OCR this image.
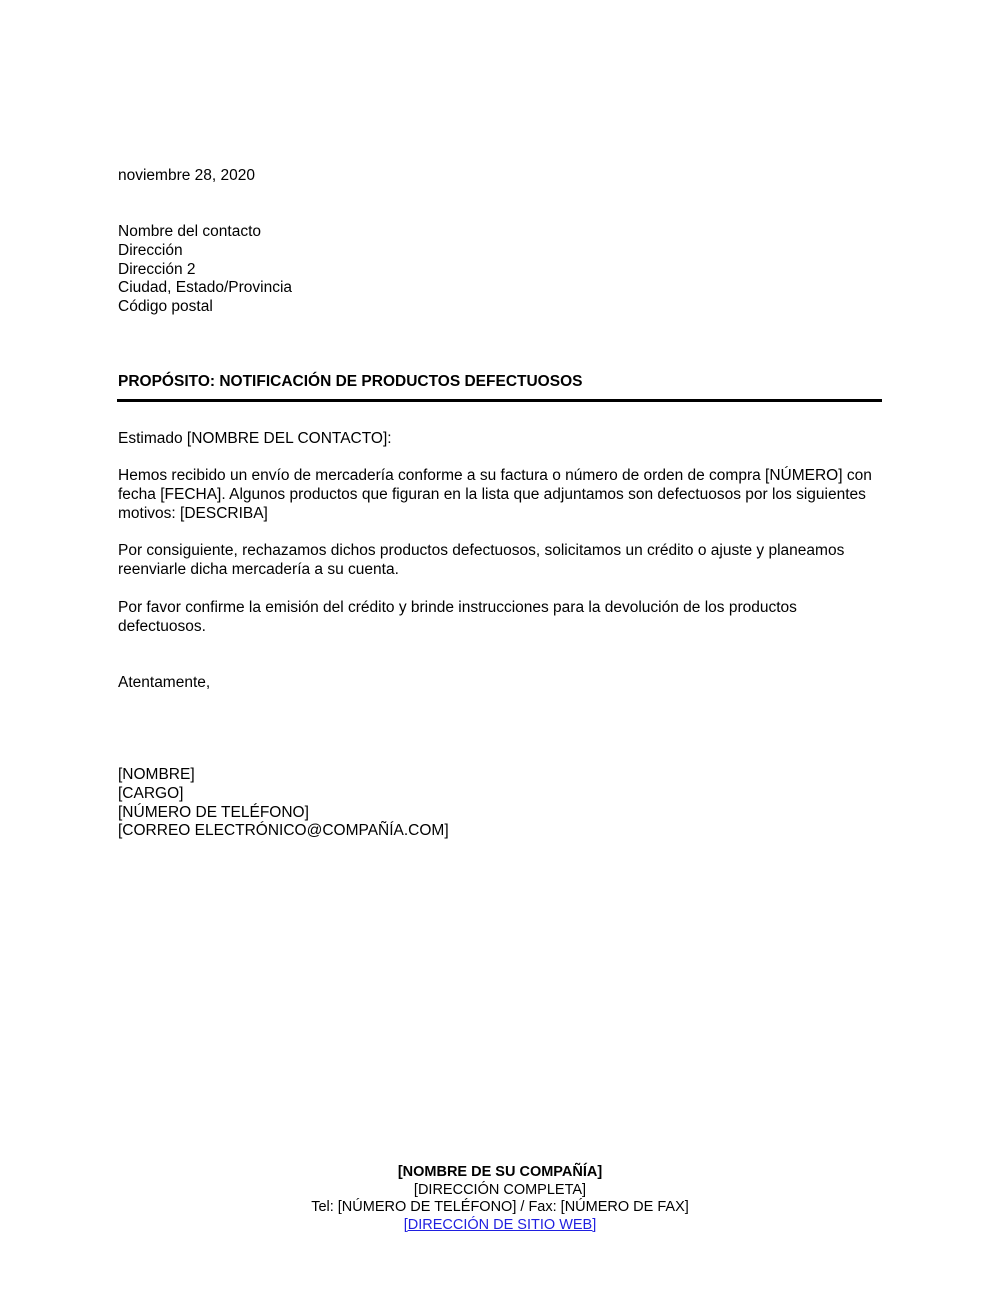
noviembre 28, 2020

Nombre del contacto

Dirección

Dirección 2

Ciudad, Estado/Provincia

Código postal

PROPÓSITO: NOTIFICACIÓN DE PRODUCTOS DEFECTUOSOS

Estimado [NOMBRE DEL CONTACTO]:

Hemos recibido un envío de mercadería conforme a su factura o número de orden de compra [NÚMERO] con fecha [FECHA]. Algunos productos que figuran en la lista que adjuntamos son defectuosos por los siguientes motivos: [DESCRIBA]

Por consiguiente, rechazamos dichos productos defectuosos, solicitamos un crédito o ajuste y planeamos reenviarle dicha mercadería a su cuenta.

Por favor confirme la emisión del crédito y brinde instrucciones para la devolución de los productos defectuosos.

Atentamente,

[NOMBRE]

[CARGO]

[NÚMERO DE TELÉFONO]

[CORREO ELECTRÓNICO@COMPAÑÍA.COM]

[NOMBRE DE SU COMPAÑÍA]
[DIRECCIÓN COMPLETA]
Tel: [NÚMERO DE TELÉFONO] / Fax: [NÚMERO DE FAX]
[DIRECCIÓN DE SITIO WEB]
